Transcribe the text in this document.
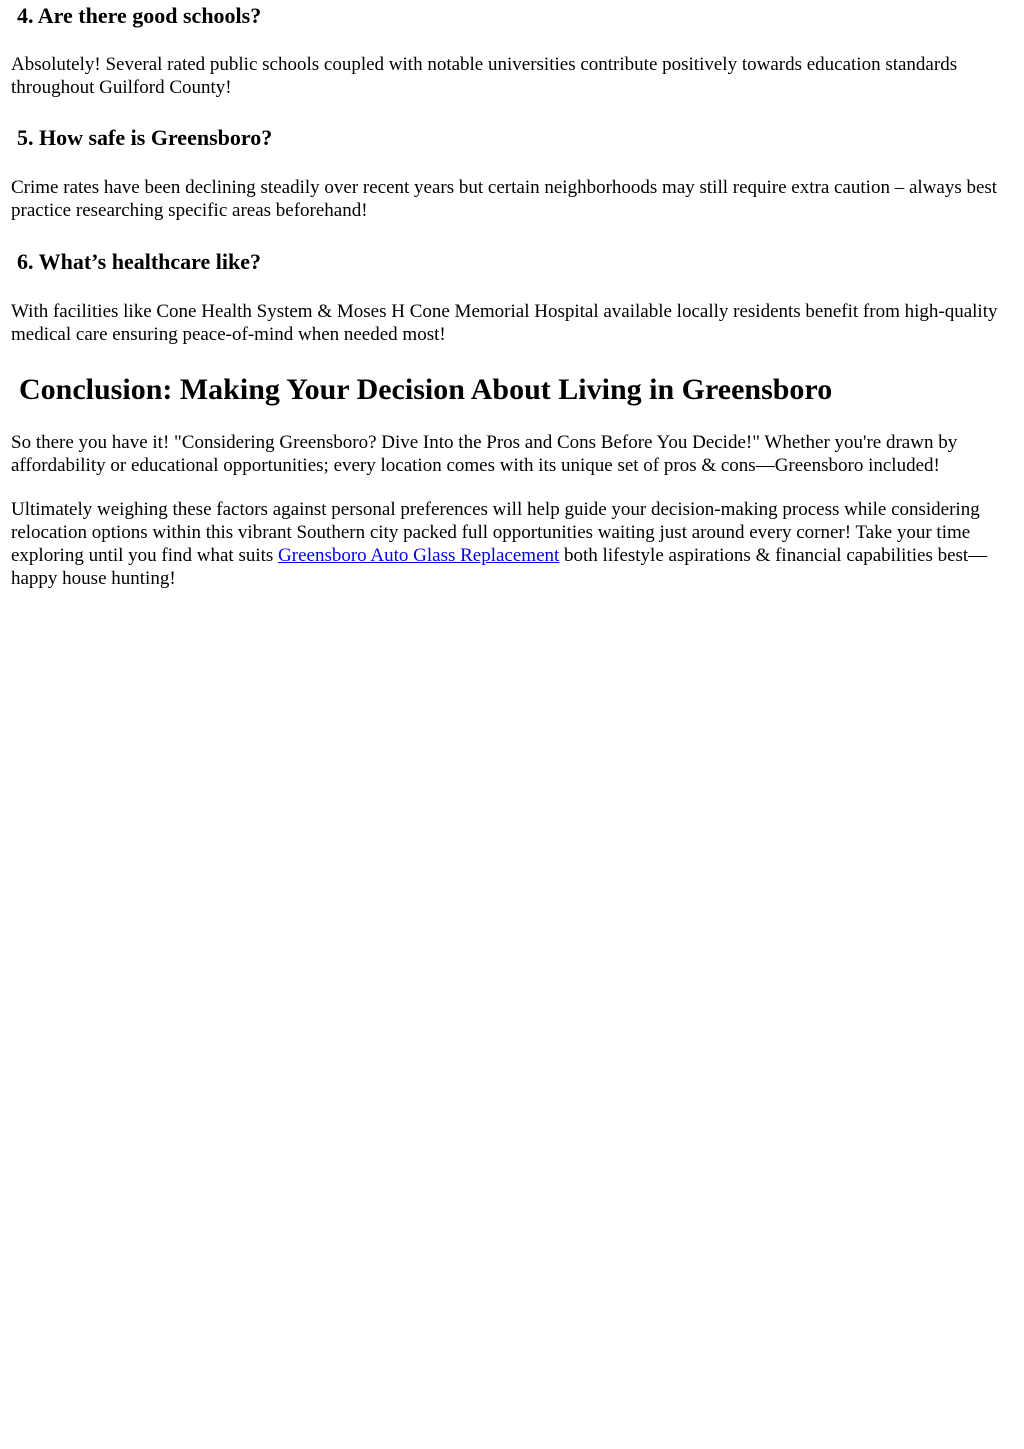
4. Are there good schools?

Absolutely! Several rated public schools coupled with notable universities contribute positively towards education standards throughout Guilford County!

5. How safe is Greensboro?

Crime rates have been declining steadily over recent years but certain neighborhoods may still require extra caution – always best practice researching specific areas beforehand!

6. What’s healthcare like?

With facilities like Cone Health System & Moses H Cone Memorial Hospital available locally residents benefit from high-quality medical care ensuring peace-of-mind when needed most!

Conclusion: Making Your Decision About Living in Greensboro

So there you have it! "Considering Greensboro? Dive Into the Pros and Cons Before You Decide!" Whether you're drawn by affordability or educational opportunities; every location comes with its unique set of pros & cons—Greensboro included!

Ultimately weighing these factors against personal preferences will help guide your decision-making process while considering relocation options within this vibrant Southern city packed full opportunities waiting just around every corner! Take your time exploring until you find what suits Greensboro Auto Glass Replacement both lifestyle aspirations & financial capabilities best—happy house hunting!
